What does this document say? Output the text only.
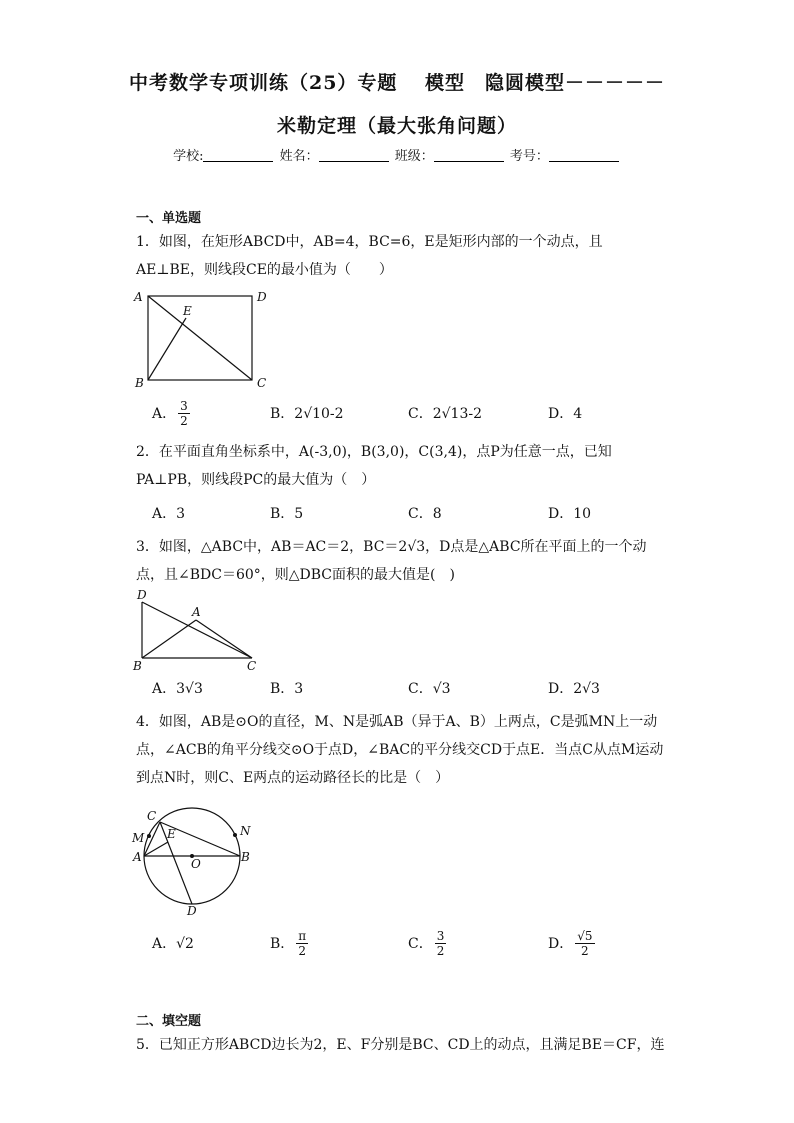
中考数学专项训练（25）专题　 模型　隐圆模型－－－－－
米勒定理（最大张角问题）
学校:	姓名：	班级：	考号：
一、单选题
1．如图，在矩形ABCD中，AB=4，BC=6，E是矩形内部的一个动点，且AE⊥BE，则线段CE的最小值为（　　）
A	D
E
B	C
A． $\frac{3}{2}$	B．2√10-2	C．2√13-2	D．4
2．在平面直角坐标系中，A(-3,0)，B(3,0)，C(3,4)，点P为任意一点，已知PA⊥PB，则线段PC的最大值为（　）
A．3	B．5	C．8	D．10
3．如图，△ABC中，AB＝AC＝2，BC＝2√3，D点是△ABC所在平面上的一个动点，且∠BDC＝60°，则△DBC面积的最大值是(　)
D
A
B	C
A．3√3	B．3	C．√3	D．2√3
4．如图，AB是⊙O的直径，M、N是弧AB（异于A、B）上两点，C是弧MN上一动点，∠ACB的角平分线交⊙O于点D，∠BAC的平分线交CD于点E．当点C从点M运动到点N时，则C、E两点的运动路径长的比是（　）
C
M E	N
A	O	B
D
A．√2	B． $\frac{\pi}{2}$	C． $\frac{3}{2}$	D． $\frac{√5}{2}$
二、填空题
5．已知正方形ABCD边长为2，E、F分别是BC、CD上的动点，且满足BE＝CF，连
